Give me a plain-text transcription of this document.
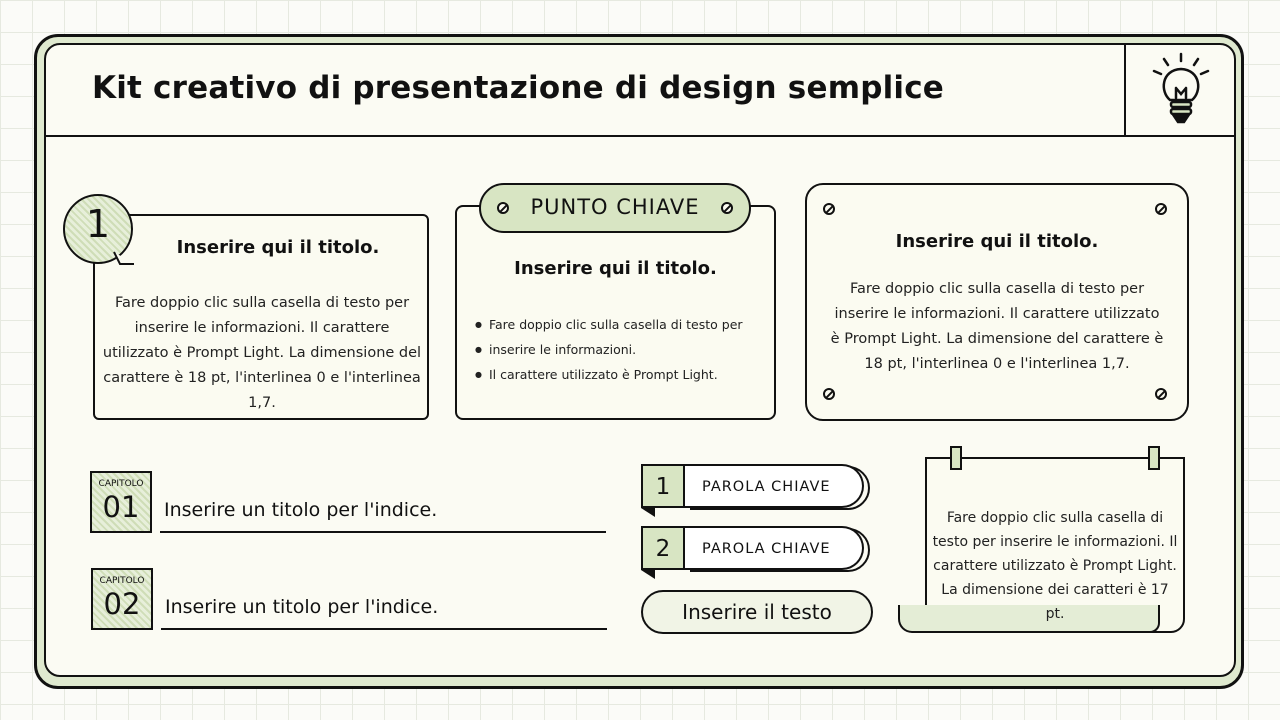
Kit creativo di presentazione di design semplice
1
Inserire qui il titolo.
Fare doppio clic sulla casella di testo per inserire le informazioni. Il carattere utilizzato è Prompt Light. La dimensione del carattere è 18 pt, l'interlinea 0 e l'interlinea 1,7.
PUNTO CHIAVE
Inserire qui il titolo.
● Fare doppio clic sulla casella di testo per
● inserire le informazioni.
● Il carattere utilizzato è Prompt Light.
Inserire qui il titolo.
Fare doppio clic sulla casella di testo per inserire le informazioni. Il carattere utilizzato è Prompt Light. La dimensione del carattere è 18 pt, l'interlinea 0 e l'interlinea 1,7.
CAPITOLO
01	Inserire un titolo per l'indice.
CAPITOLO
02	Inserire un titolo per l'indice.
1	PAROLA CHIAVE
2	PAROLA CHIAVE
Inserire il testo
Fare doppio clic sulla casella di testo per inserire le informazioni. Il carattere utilizzato è Prompt Light. La dimensione dei caratteri è 17 pt.
